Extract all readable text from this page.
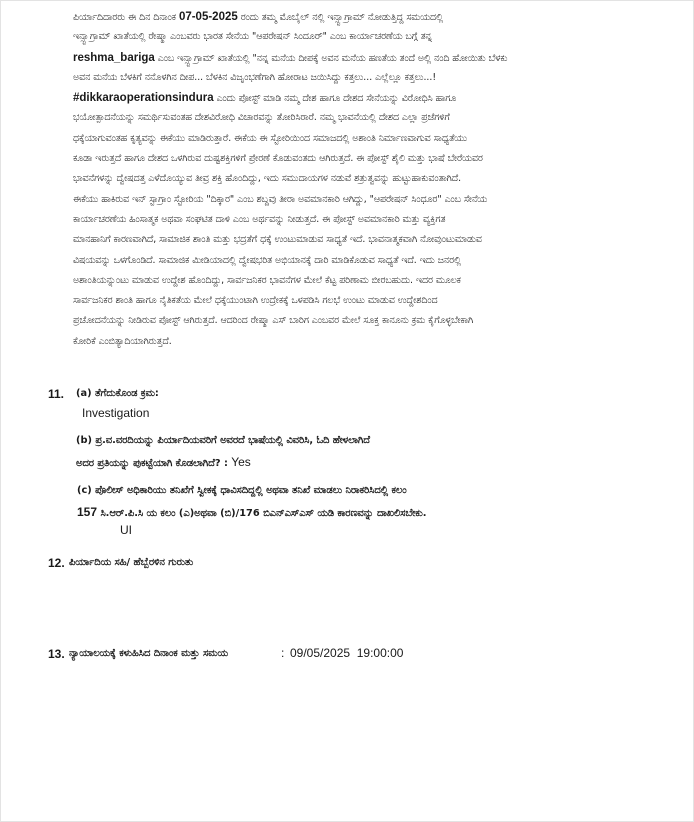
ಪಿರ್ಯಾದಿದಾರರು ಈ ದಿನ ದಿನಾಂಕ 07-05-2025 ರಂದು ತಮ್ಮ ಮೊಬೈಲ್ ನಲ್ಲಿ ಇನ್ಸ್ಟಾಗ್ರಾಮ್ ನೋಡುತ್ತಿದ್ದ ಸಮಯದಲ್ಲಿ
ಇನ್ಸ್ಟಾಗ್ರಾಮ್ ಖಾತೆಯಲ್ಲಿ ರೇಷ್ಮಾ ಎಂಬವರು ಭಾರತ ಸೇನೆಯ "ಆಪರೇಷನ್ ಸಿಂದೂರ್" ಎಂಬ ಕಾರ್ಯಾಚರಣೆಯ ಬಗ್ಗೆ ತನ್ನ
reshma_bariga ಎಂಬ ಇನ್ಸ್ಟಾಗ್ರಾಮ್ ಖಾತೆಯಲ್ಲಿ "ನನ್ನ ಮನೆಯ ದೀಪಕ್ಕೆ ಅವನ ಮನೆಯ ಹಣತೆಯ ತಂದೆ ಅಲ್ಲಿ ನಂದಿ ಹೋಯಿತು ಬೆಳಕು
ಅವನ ಮನೆಯ ಬೆಳಕಿಗೆ ನನೊಳಗಿನ ದೀಪ... ಬೆಳಕಿನ ವಿಜೃಂಭಣೆಗಾಗಿ ಹೋರಾಟ ಜಯಿಸಿದ್ದು ಕತ್ತಲು... ಎಲ್ಲೆಲ್ಲೂ ಕತ್ತಲು...!
#dikkaraoperationsindura ಎಂದು ಪೋಸ್ಟ್ ಮಾಡಿ ನಮ್ಮ ದೇಶ ಹಾಗೂ ದೇಶದ ಸೇನೆಯನ್ನು ವಿರೋಧಿಸಿ ಹಾಗೂ
ಭಯೋತ್ಪಾದನೆಯನ್ನು ಸಮರ್ಥಿಸುವಂತಹ ದೇಶವಿರೋಧಿ ವಿಚಾರವನ್ನು ತೋರಿಸಿರಾರೆ. ನಮ್ಮ ಭಾವನೆಯಲ್ಲಿ ದೇಶದ ಎಲ್ಲಾ ಪ್ರಜೆಗಳಿಗೆ
ಧಕ್ಕೆಯಾಗುವಂತಹ ಕೃತ್ಯವನ್ನು ಈಕೆಯು ಮಾಡಿರುತ್ತಾರೆ. ಈಕೆಯ ಈ ಸ್ಟೋರಿಯಿಂದ ಸಮಾಜದಲ್ಲಿ ಅಶಾಂತಿ ನಿರ್ಮಾಣವಾಗುವ ಸಾಧ್ಯತೆಯು
ಕೂಡಾ ಇರುತ್ತದೆ ಹಾಗೂ ದೇಶದ ಒಳಗಿರುವ ದುಷ್ಟಶಕ್ತಿಗಳಿಗೆ ಪ್ರೇರಣೆ ಕೊಡುವಂತದು ಆಗಿರುತ್ತದೆ. ಈ ಪೋಸ್ಟ್ ಶೈಲಿ ಮತ್ತು ಭಾಷೆ ಬೇರೆಯವರ
ಭಾವನೆಗಳನ್ನು ದ್ವೇಷದತ್ತ ಎಳೆದೊಯ್ಯುವ ತೀವ್ರ ಶಕ್ತಿ ಹೊಂದಿದ್ದು, ಇದು ಸಮುದಾಯಗಳ ನಡುವೆ ಶತ್ರುತ್ವವನ್ನು ಹುಟ್ಟುಹಾಕುವಂತಾಗಿದೆ.
ಈಕೆಯು ಹಾಕಿರುವ ಇನ್ ಸ್ಟಾಗ್ರಾಂ ಸ್ಟೋರಿಯ "ದಿಕ್ಕಾರ" ಎಂಬ ಶಬ್ದವು ತೀರಾ ಅವಮಾನಕಾರಿ ಆಗಿದ್ದು, "ಆಪರೇಷನ್ ಸಿಂಧೂರ" ಎಂಬ ಸೇನೆಯ
ಕಾರ್ಯಾಚರಣೆಯ ಹಿಂಸಾತ್ಮಕ ಅಥವಾ ಸಂಘಟಿತ ದಾಳಿ ಎಂಬ ಅರ್ಥವನ್ನು ನೀಡುತ್ತದೆ. ಈ ಪೋಸ್ಟ್ ಅವಮಾನಕಾರಿ ಮತ್ತು ವ್ಯಕ್ತಿಗತ
ಮಾನಹಾನಿಗೆ ಕಾರಣವಾಗಿದೆ, ಸಾಮಾಜಿಕ ಶಾಂತಿ ಮತ್ತು ಭದ್ರತೆಗೆ ಧಕ್ಕೆ ಉಂಟುಮಾಡುವ ಸಾಧ್ಯತೆ ಇದೆ. ಭಾವನಾತ್ಮಕವಾಗಿ ನೋವುಂಟುಮಾಡುವ
ವಿಷಯವನ್ನು ಒಳಗೊಂಡಿದೆ. ಸಾಮಾಜಿಕ ಮೀಡಿಯಾದಲ್ಲಿ ದ್ವೇಷಭರಿತ ಅಭಿಯಾನಕ್ಕೆ ದಾರಿ ಮಾಡಿಕೊಡುವ ಸಾಧ್ಯತೆ ಇದೆ. ಇದು ಜನರಲ್ಲಿ
ಅಶಾಂತಿಯನ್ನುಂಟು ಮಾಡುವ ಉದ್ದೇಶ ಹೊಂದಿದ್ದು, ಸಾರ್ವಜನಿಕರ ಭಾವನೆಗಳ ಮೇಲೆ ಕೆಟ್ಟ ಪರಿಣಾಮ ಬೀರಬಹುದು. ಇದರ ಮೂಲಕ
ಸಾರ್ವಜನಿಕರ ಶಾಂತಿ ಹಾಗೂ ನೈತಿಕತೆಯ ಮೇಲೆ ಧಕ್ಕೆಯುಂಟಾಗಿ ಉದ್ರೇಕಕ್ಕೆ ಒಳಪಡಿಸಿ ಗಲಭೆ ಉಂಟು ಮಾಡುವ ಉದ್ದೇಶದಿಂದ
ಪ್ರಚೋದನೆಯನ್ನು ನೀಡಿರುವ ಪೋಸ್ಟ್ ಆಗಿರುತ್ತದೆ. ಆದರಿಂದ ರೇಷ್ಮಾ ಎಸ್ ಬಾರಿಗ ಎಂಬವರ ಮೇಲೆ ಸೂಕ್ತ ಕಾನೂನು ಕ್ರಮ ಕೈಗೊಳ್ಳಬೇಕಾಗಿ
ಕೋರಿಕೆ ಎಂಬಿತ್ಯಾದಿಯಾಗಿರುತ್ತದೆ.
11. (a) ತೆಗೆದುಕೊಂಡ ಕ್ರಮ:
Investigation
(b) ಪ್ರ.ವ.ವರದಿಯನ್ನು ಪಿರ್ಯಾದಿಯವರಿಗೆ ಅವರದೆ ಭಾಷೆಯಲ್ಲಿ ವಿವರಿಸಿ, ಓದಿ ಹೇಳಲಾಗಿದೆ
ಅದರ ಪ್ರತಿಯನ್ನು ಪುಕಟ್ಟೆಯಾಗಿ ಕೊಡಲಾಗಿದೆ? : Yes
(c) ಪೊಲೀಸ್ ಅಧಿಕಾರಿಯು ತನಿಖೆಗೆ ಸ್ವೀಕಕ್ಕೆ ಧಾವಿಸದಿದ್ದಲ್ಲಿ ಅಥವಾ ತನಿಖೆ ಮಾಡಲು ನಿರಾಕರಿಸಿದಲ್ಲಿ ಕಲಂ
157 ಸಿ.ಆರ್.ಪಿ.ಸಿ ಯ ಕಲಂ (ಎ)ಅಥವಾ (ಬಿ)/176 ಬಿಎನ್ಎಸ್ಎಸ್ ಯಡಿ ಕಾರಣವನ್ನು ದಾಖಲಿಸಬೇಕು.
UI
12. ಪಿರ್ಯಾದಿಯ ಸಹಿ/ ಹೆಬ್ಬೆರಳಿನ ಗುರುತು
13. ನ್ಯಾಯಾಲಯಕ್ಕೆ ಕಳುಹಿಸಿದ ದಿನಾಂಕ ಮತ್ತು ಸಮಯ	: 09/05/2025  19:00:00
